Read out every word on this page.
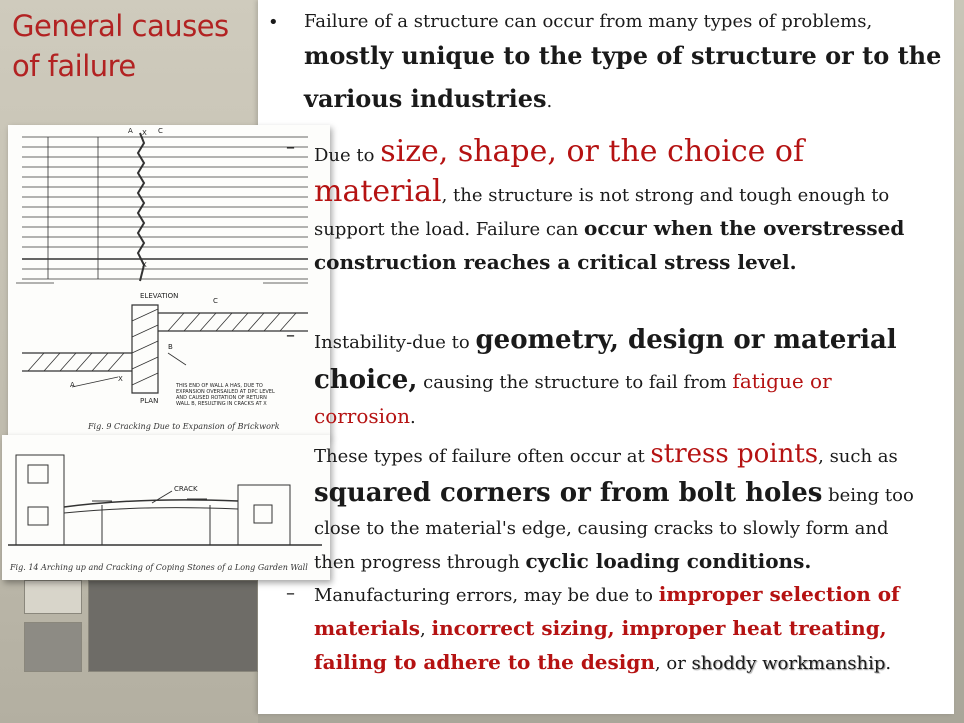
General causes
of failure
A X C
X
ELEVATION
C
B
A
X
PLAN
THIS END OF WALL A HAS, DUE TO EXPANSION OVERSAILED AT DPC LEVEL AND CAUSED ROTATION OF RETURN WALL B, RESULTING IN CRACKS AT X
Fig. 9 Cracking Due to Expansion of Brickwork
CRACK
Fig. 14 Arching up and Cracking of Coping Stones of a Long Garden Wall
• Failure of a structure can occur from many types of problems,
mostly unique to the type of structure or to the various industries.
– Due to size, shape, or the choice of material, the structure is not strong and tough enough to support the load. Failure can occur when the overstressed construction reaches a critical stress level.
– Instability-due to geometry, design or material choice, causing the structure to fail from fatigue or corrosion.
These types of failure often occur at stress points, such as squared corners or from bolt holes being too close to the material's edge, causing cracks to slowly form and then progress through cyclic loading conditions.
– Manufacturing errors, may be due to improper selection of materials, incorrect sizing, improper heat treating, failing to adhere to the design, or shoddy workmanship.
